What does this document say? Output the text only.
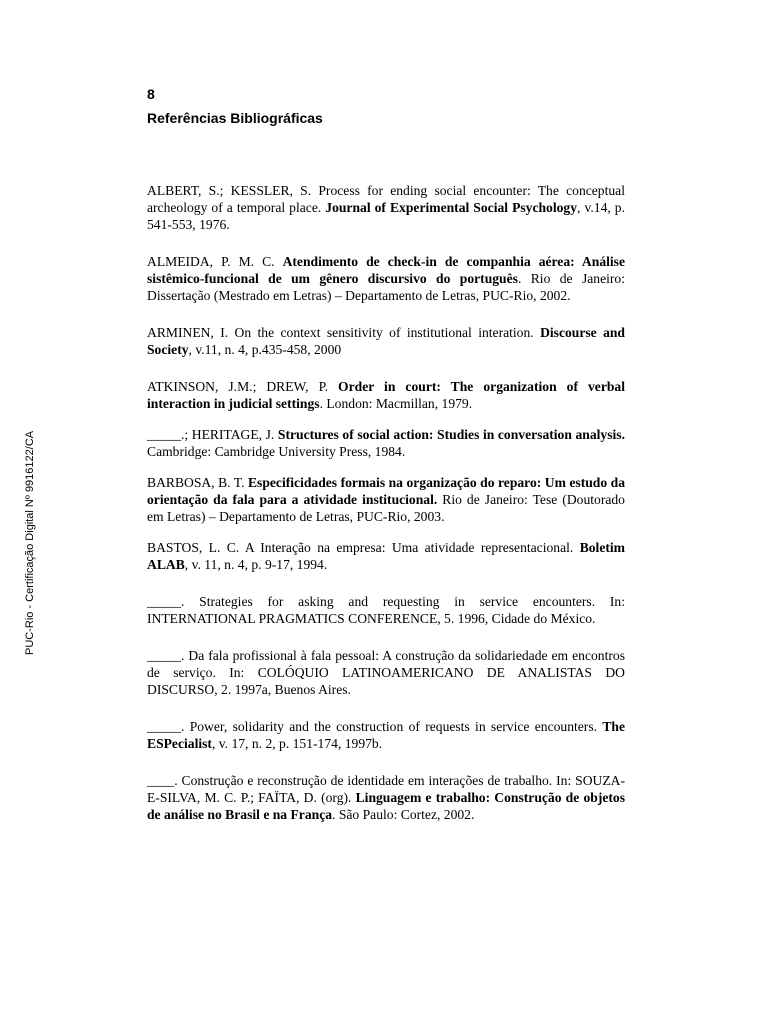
PUC-Rio - Certificação Digital Nº 9916122/CA
8
Referências Bibliográficas

ALBERT, S.; KESSLER, S. Process for ending social encounter: The conceptual archeology of a temporal place. Journal of Experimental Social Psychology, v.14, p. 541-553, 1976.

ALMEIDA, P. M. C. Atendimento de check-in de companhia aérea: Análise sistêmico-funcional de um gênero discursivo do português. Rio de Janeiro: Dissertação (Mestrado em Letras) – Departamento de Letras, PUC-Rio, 2002.

ARMINEN, I. On the context sensitivity of institutional interation. Discourse and Society, v.11, n. 4, p.435-458, 2000

ATKINSON, J.M.; DREW, P. Order in court: The organization of verbal interaction in judicial settings. London: Macmillan, 1979.

_____.; HERITAGE, J. Structures of social action: Studies in conversation analysis. Cambridge: Cambridge University Press, 1984.

BARBOSA, B. T. Especificidades formais na organização do reparo: Um estudo da orientação da fala para a atividade institucional. Rio de Janeiro: Tese (Doutorado em Letras) – Departamento de Letras, PUC-Rio, 2003.

BASTOS, L. C. A Interação na empresa: Uma atividade representacional. Boletim ALAB, v. 11, n. 4, p. 9-17, 1994.

_____. Strategies for asking and requesting in service encounters. In: INTERNATIONAL PRAGMATICS CONFERENCE, 5. 1996, Cidade do México.

_____. Da fala profissional à fala pessoal: A construção da solidariedade em encontros de serviço. In: COLÓQUIO LATINOAMERICANO DE ANALISTAS DO DISCURSO, 2. 1997a, Buenos Aires.

_____. Power, solidarity and the construction of requests in service encounters. The ESPecialist, v. 17, n. 2, p. 151-174, 1997b.

____. Construção e reconstrução de identidade em interações de trabalho. In: SOUZA-E-SILVA, M. C. P.; FAÏTA, D. (org). Linguagem e trabalho: Construção de objetos de análise no Brasil e na França. São Paulo: Cortez, 2002.
